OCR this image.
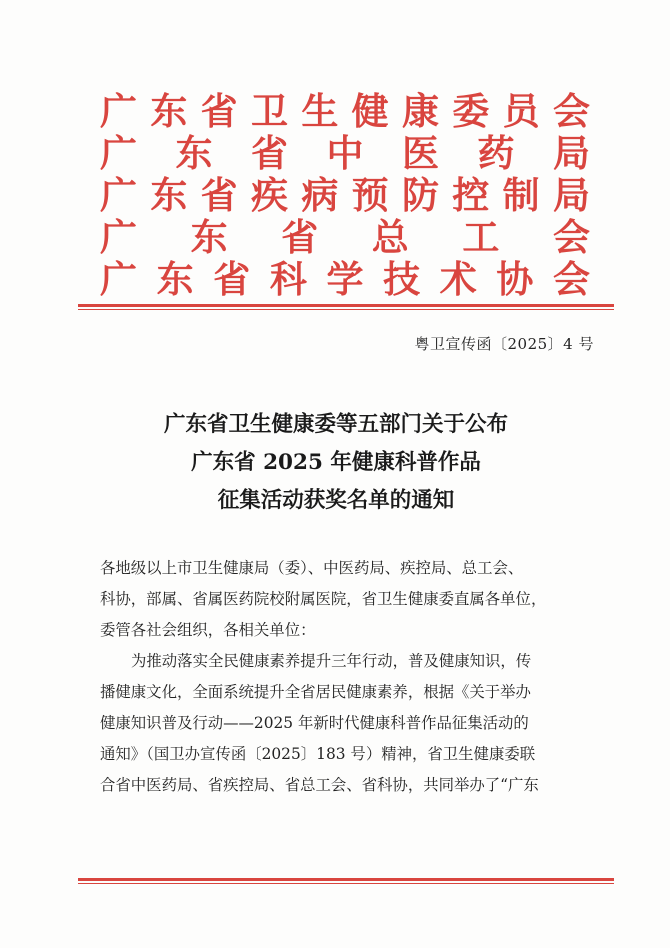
广 东 省 卫 生 健 康 委 员 会
广 东 省 中 医 药 局
广 东 省 疾 病 预 防 控 制 局
广 东 省 总 工 会
广 东 省 科 学 技 术 协 会
粤卫宣传函〔2025〕4 号
广东省卫生健康委等五部门关于公布
广东省 2025 年健康科普作品
征集活动获奖名单的通知
各地级以上市卫生健康局（委）、中医药局、疾控局、总工会、
科协，部属、省属医药院校附属医院，省卫生健康委直属各单位，
委管各社会组织，各相关单位：
为推动落实全民健康素养提升三年行动，普及健康知识，传
播健康文化，全面系统提升全省居民健康素养，根据《关于举办
健康知识普及行动——2025 年新时代健康科普作品征集活动的
通知》（国卫办宣传函〔2025〕183 号）精神，省卫生健康委联
合省中医药局、省疾控局、省总工会、省科协，共同举办了“广东
